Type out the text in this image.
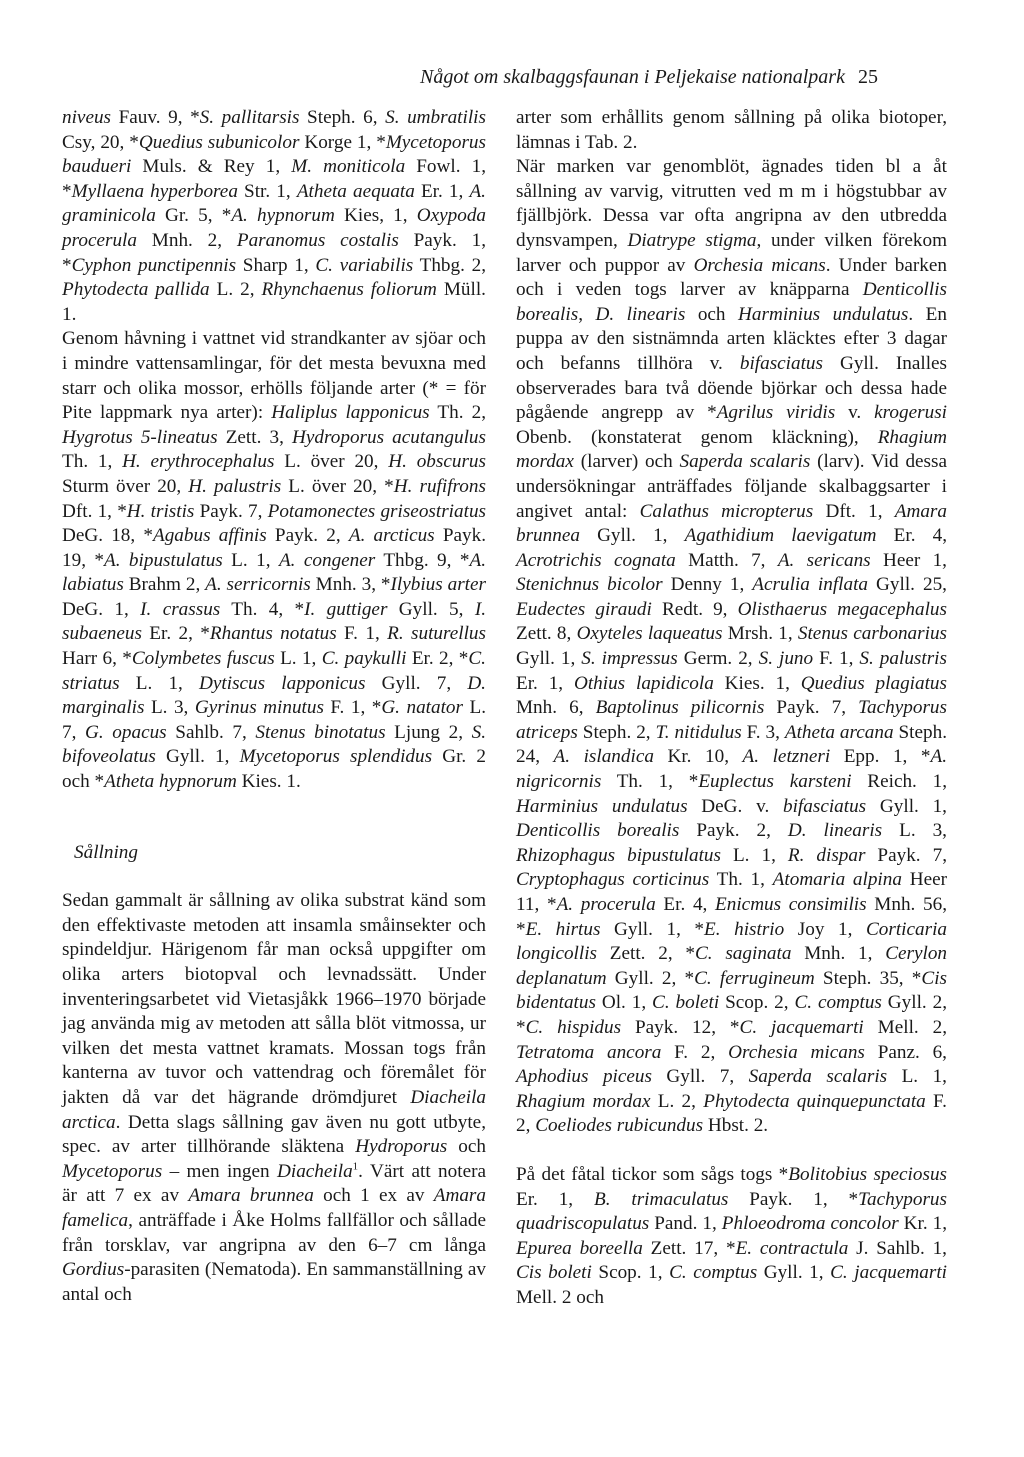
Något om skalbaggsfaunan i Peljekaise nationalpark 25

niveus Fauv. 9, *S. pallitarsis Steph. 6, S. umbratilis Csy, 20, *Quedius subunicolor Korge 1, *Mycetoporus baudueri Muls. & Rey 1, M. moniticola Fowl. 1, *Myllaena hyperborea Str. 1, Atheta aequata Er. 1, A. graminicola Gr. 5, *A. hypnorum Kies, 1, Oxypoda procerula Mnh. 2, Paranomus costalis Payk. 1, *Cyphon punctipennis Sharp 1, C. variabilis Thbg. 2, Phytodecta pallida L. 2, Rhynchaenus foliorum Müll. 1.

Genom håvning i vattnet vid strandkanter av sjöar och i mindre vattensamlingar, för det mesta bevuxna med starr och olika mossor, erhölls följande arter (* = för Pite lappmark nya arter): Haliplus lapponicus Th. 2, Hygrotus 5-lineatus Zett. 3, Hydroporus acutangulus Th. 1, H. erythrocephalus L. över 20, H. obscurus Sturm över 20, H. palustris L. över 20, *H. rufifrons Dft. 1, *H. tristis Payk. 7, Potamonectes griseostriatus DeG. 18, *Agabus affinis Payk. 2, A. arcticus Payk. 19, *A. bipustulatus L. 1, A. congener Thbg. 9, *A. labiatus Brahm 2, A. serricornis Mnh. 3, *Ilybius arter DeG. 1, I. crassus Th. 4, *I. guttiger Gyll. 5, I. subaeneus Er. 2, *Rhantus notatus F. 1, R. suturellus Harr 6, *Colymbetes fuscus L. 1, C. paykulli Er. 2, *C. striatus L. 1, Dytiscus lapponicus Gyll. 7, D. marginalis L. 3, Gyrinus minutus F. 1, *G. natator L. 7, G. opacus Sahlb. 7, Stenus binotatus Ljung 2, S. bifoveolatus Gyll. 1, Mycetoporus splendidus Gr. 2 och *Atheta hypnorum Kies. 1.

Sållning

Sedan gammalt är sållning av olika substrat känd som den effektivaste metoden att insamla småinsekter och spindeldjur. Härigenom får man också uppgifter om olika arters biotopval och levnadssätt. Under inventeringsarbetet vid Vietasjåkk 1966–1970 började jag använda mig av metoden att sålla blöt vitmossa, ur vilken det mesta vattnet kramats. Mossan togs från kanterna av tuvor och vattendrag och föremålet för jakten då var det hägrande drömdjuret Diacheila arctica. Detta slags sållning gav även nu gott utbyte, spec. av arter tillhörande släktena Hydroporus och Mycetoporus – men ingen Diacheila$^1$. Värt att notera är att 7 ex av Amara brunnea och 1 ex av Amara famelica, anträffade i Åke Holms fallfällor och sållade från torsklav, var angripna av den 6–7 cm långa Gordius-parasiten (Nematoda). En sammanställning av antal och

arter som erhållits genom sållning på olika biotoper, lämnas i Tab. 2.

När marken var genomblöt, ägnades tiden bl a åt sållning av varvig, vitrutten ved m m i högstubbar av fjällbjörk. Dessa var ofta angripna av den utbredda dynsvampen, Diatrype stigma, under vilken förekom larver och puppor av Orchesia micans. Under barken och i veden togs larver av knäpparna Denticollis borealis, D. linearis och Harminius undulatus. En puppa av den sistnämnda arten kläcktes efter 3 dagar och befanns tillhöra v. bifasciatus Gyll. Inalles observerades bara två döende björkar och dessa hade pågående angrepp av *Agrilus viridis v. krogerusi Obenb. (konstaterat genom kläckning), Rhagium mordax (larver) och Saperda scalaris (larv). Vid dessa undersökningar anträffades följande skalbaggsarter i angivet antal: Calathus micropterus Dft. 1, Amara brunnea Gyll. 1, Agathidium laevigatum Er. 4, Acrotrichis cognata Matth. 7, A. sericans Heer 1, Stenichnus bicolor Denny 1, Acrulia inflata Gyll. 25, Eudectes giraudi Redt. 9, Olisthaerus megacephalus Zett. 8, Oxyteles laqueatus Mrsh. 1, Stenus carbonarius Gyll. 1, S. impressus Germ. 2, S. juno F. 1, S. palustris Er. 1, Othius lapidicola Kies. 1, Quedius plagiatus Mnh. 6, Baptolinus pilicornis Payk. 7, Tachyporus atriceps Steph. 2, T. nitidulus F. 3, Atheta arcana Steph. 24, A. islandica Kr. 10, A. letzneri Epp. 1, *A. nigricornis Th. 1, *Euplectus karsteni Reich. 1, Harminius undulatus DeG. v. bifasciatus Gyll. 1, Denticollis borealis Payk. 2, D. linearis L. 3, Rhizophagus bipustulatus L. 1, R. dispar Payk. 7, Cryptophagus corticinus Th. 1, Atomaria alpina Heer 11, *A. procerula Er. 4, Enicmus consimilis Mnh. 56, *E. hirtus Gyll. 1, *E. histrio Joy 1, Corticaria longicollis Zett. 2, *C. saginata Mnh. 1, Cerylon deplanatum Gyll. 2, *C. ferrugineum Steph. 35, *Cis bidentatus Ol. 1, C. boleti Scop. 2, C. comptus Gyll. 2, *C. hispidus Payk. 12, *C. jacquemarti Mell. 2, Tetratoma ancora F. 2, Orchesia micans Panz. 6, Aphodius piceus Gyll. 7, Saperda scalaris L. 1, Rhagium mordax L. 2, Phytodecta quinquepunctata F. 2, Coeliodes rubicundus Hbst. 2.

På det fåtal tickor som sågs togs *Bolitobius speciosus Er. 1, B. trimaculatus Payk. 1, *Tachyporus quadriscopulatus Pand. 1, Phloeodroma concolor Kr. 1, Epurea boreella Zett. 17, *E. contractula J. Sahlb. 1, Cis boleti Scop. 1, C. comptus Gyll. 1, C. jacquemarti Mell. 2 och
